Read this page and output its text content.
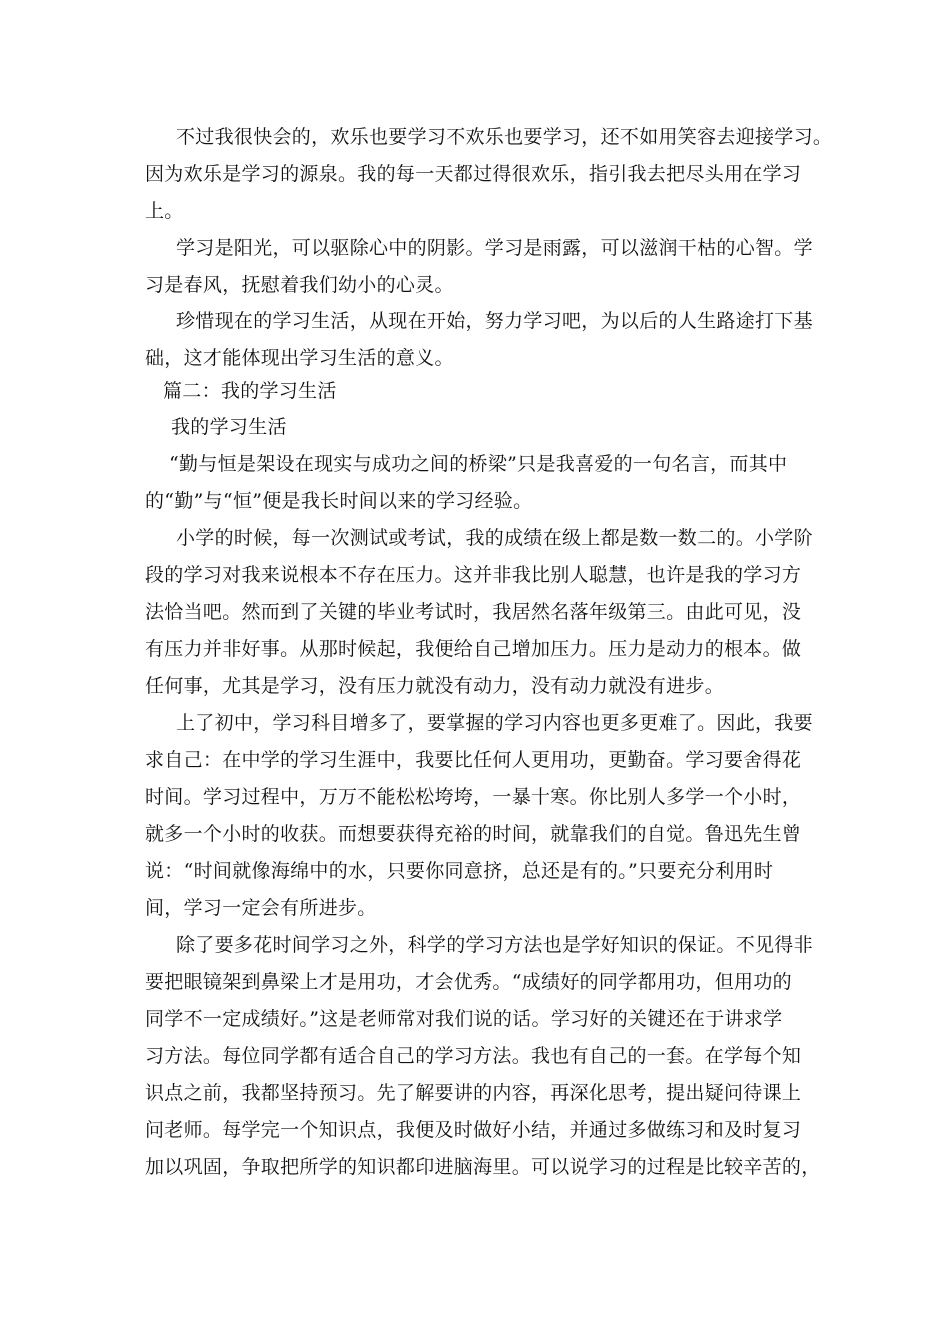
不过我很快会的，欢乐也要学习不欢乐也要学习，还不如用笑容去迎接学习。
因为欢乐是学习的源泉。我的每一天都过得很欢乐，指引我去把尽头用在学习
上。
学习是阳光，可以驱除心中的阴影。学习是雨露，可以滋润干枯的心智。学
习是春风，抚慰着我们幼小的心灵。
珍惜现在的学习生活，从现在开始，努力学习吧，为以后的人生路途打下基
础，这才能体现出学习生活的意义。
篇二：我的学习生活
我的学习生活
“勤与恒是架设在现实与成功之间的桥梁”只是我喜爱的一句名言，而其中
的“勤”与“恒”便是我长时间以来的学习经验。
小学的时候，每一次测试或考试，我的成绩在级上都是数一数二的。小学阶
段的学习对我来说根本不存在压力。这并非我比别人聪慧，也许是我的学习方
法恰当吧。然而到了关键的毕业考试时，我居然名落年级第三。由此可见，没
有压力并非好事。从那时候起，我便给自己增加压力。压力是动力的根本。做
任何事，尤其是学习，没有压力就没有动力，没有动力就没有进步。
上了初中，学习科目增多了，要掌握的学习内容也更多更难了。因此，我要
求自己：在中学的学习生涯中，我要比任何人更用功，更勤奋。学习要舍得花
时间。学习过程中，万万不能松松垮垮，一暴十寒。你比别人多学一个小时，
就多一个小时的收获。而想要获得充裕的时间，就靠我们的自觉。鲁迅先生曾
说：“时间就像海绵中的水，只要你同意挤，总还是有的。”只要充分利用时
间，学习一定会有所进步。
除了要多花时间学习之外，科学的学习方法也是学好知识的保证。不见得非
要把眼镜架到鼻梁上才是用功，才会优秀。“成绩好的同学都用功，但用功的
同学不一定成绩好。”这是老师常对我们说的话。学习好的关键还在于讲求学
习方法。每位同学都有适合自己的学习方法。我也有自己的一套。在学每个知
识点之前，我都坚持预习。先了解要讲的内容，再深化思考，提出疑问待课上
问老师。每学完一个知识点，我便及时做好小结，并通过多做练习和及时复习
加以巩固，争取把所学的知识都印进脑海里。可以说学习的过程是比较辛苦的，
